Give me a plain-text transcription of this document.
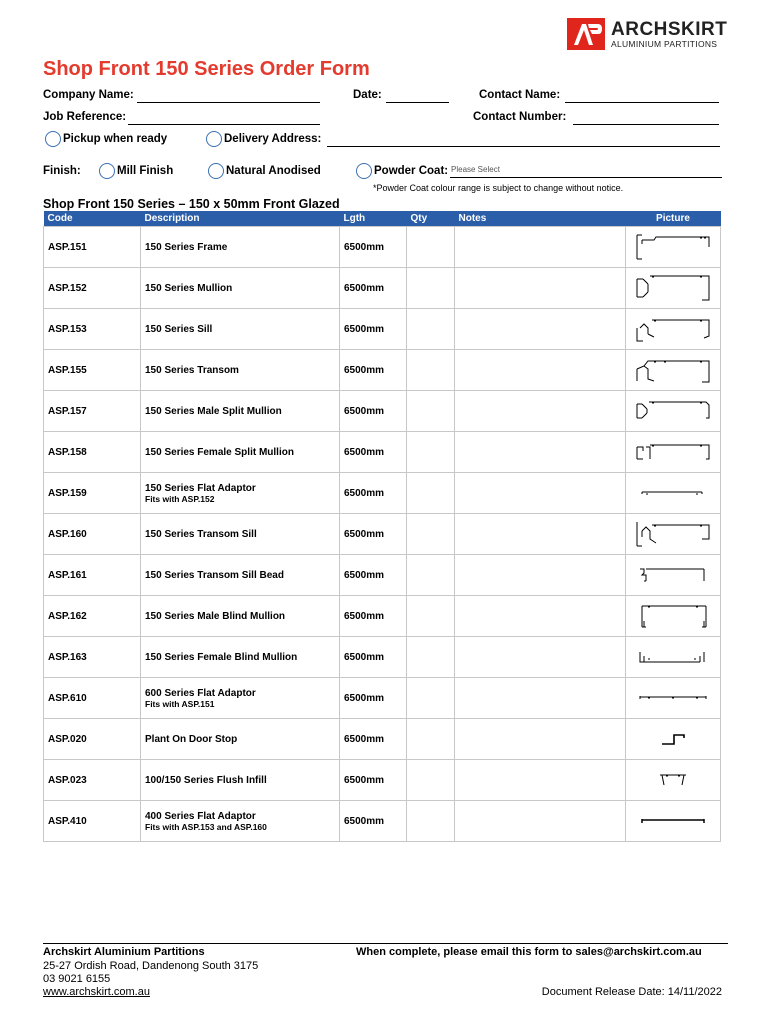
ARCHSKIRT
ALUMINIUM PARTITIONS
Shop Front 150 Series Order Form
Company Name:	Date:	Contact Name:
Job Reference:	Contact Number:
Pickup when ready	Delivery Address:
Finish:	Mill Finish	Natural Anodised	Powder Coat: Please Select
*Powder Coat colour range is subject to change without notice.
Shop Front 150 Series – 150 x 50mm Front Glazed
Code	Description	Lgth	Qty	Notes	Picture
ASP.151	150 Series Frame	6500mm			

ASP.152	150 Series Mullion	6500mm			

ASP.153	150 Series Sill	6500mm			

ASP.155	150 Series Transom	6500mm			

ASP.157	150 Series Male Split Mullion	6500mm			

ASP.158	150 Series Female Split Mullion	6500mm			

ASP.159	150 Series Flat Adaptor
Fits with ASP.152	6500mm			

ASP.160	150 Series Transom Sill	6500mm			

ASP.161	150 Series Transom Sill Bead	6500mm			

ASP.162	150 Series Male Blind Mullion	6500mm			

ASP.163	150 Series Female Blind Mullion	6500mm			

ASP.610	600 Series Flat Adaptor
Fits with ASP.151	6500mm			

ASP.020	Plant On Door Stop	6500mm			

ASP.023	100/150 Series Flush Infill	6500mm			

ASP.410	400 Series Flat Adaptor
Fits with ASP.153 and ASP.160	6500mm			
Archskirt Aluminium Partitions
25-27 Ordish Road, Dandenong South 3175
03 9021 6155
www.archskirt.com.au
When complete, please email this form to sales@archskirt.com.au
Document Release Date: 14/11/2022
